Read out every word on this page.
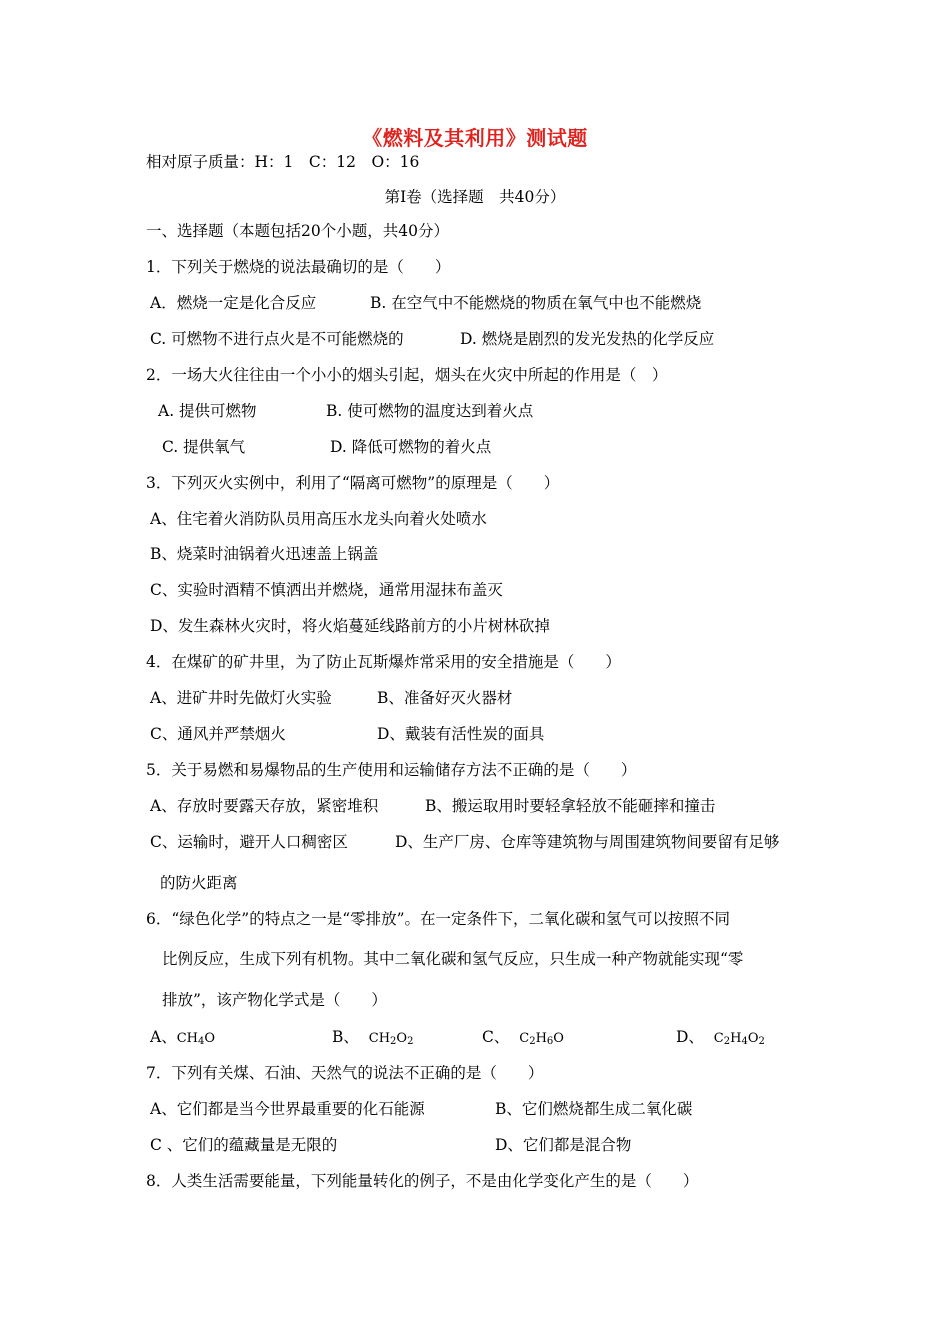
《燃料及其利用》测试题
相对原子质量：H：1　C：12　O：16
第Ⅰ卷（选择题　共40分）
一、选择题（本题包括20个小题，共40分）
1．下列关于燃烧的说法最确切的是（　　）
A．燃烧一定是化合反应	B. 在空气中不能燃烧的物质在氧气中也不能燃烧
C. 可燃物不进行点火是不可能燃烧的	D. 燃烧是剧烈的发光发热的化学反应
2．一场大火往往由一个小小的烟头引起，烟头在火灾中所起的作用是（　）
A. 提供可燃物	B. 使可燃物的温度达到着火点
C. 提供氧气	D. 降低可燃物的着火点
3．下列灭火实例中，利用了“隔离可燃物”的原理是（　　）
A、住宅着火消防队员用高压水龙头向着火处喷水
B、烧菜时油锅着火迅速盖上锅盖
C、实验时酒精不慎洒出并燃烧，通常用湿抹布盖灭
D、发生森林火灾时，将火焰蔓延线路前方的小片树林砍掉
4．在煤矿的矿井里，为了防止瓦斯爆炸常采用的安全措施是（　　）
A、进矿井时先做灯火实验	B、准备好灭火器材
C、通风并严禁烟火	D、戴装有活性炭的面具
5．关于易燃和易爆物品的生产使用和运输储存方法不正确的是（　　）
A、存放时要露天存放，紧密堆积	B、搬运取用时要轻拿轻放不能砸摔和撞击
C、运输时，避开人口稠密区	D、生产厂房、仓库等建筑物与周围建筑物间要留有足够
的防火距离
6．“绿色化学”的特点之一是“零排放”。在一定条件下，二氧化碳和氢气可以按照不同
比例反应，生成下列有机物。其中二氧化碳和氢气反应，只生成一种产物就能实现“零
排放”，该产物化学式是（　　）
A、$CH_4O$	B、 $CH_2O_2$	C、 $C_2H_6O$	D、 $C_2H_4O_2$
7．下列有关煤、石油、天然气的说法不正确的是（　　）
A、它们都是当今世界最重要的化石能源	B、它们燃烧都生成二氧化碳
C 、它们的蕴藏量是无限的	D、它们都是混合物
8．人类生活需要能量，下列能量转化的例子，不是由化学变化产生的是（　　）
